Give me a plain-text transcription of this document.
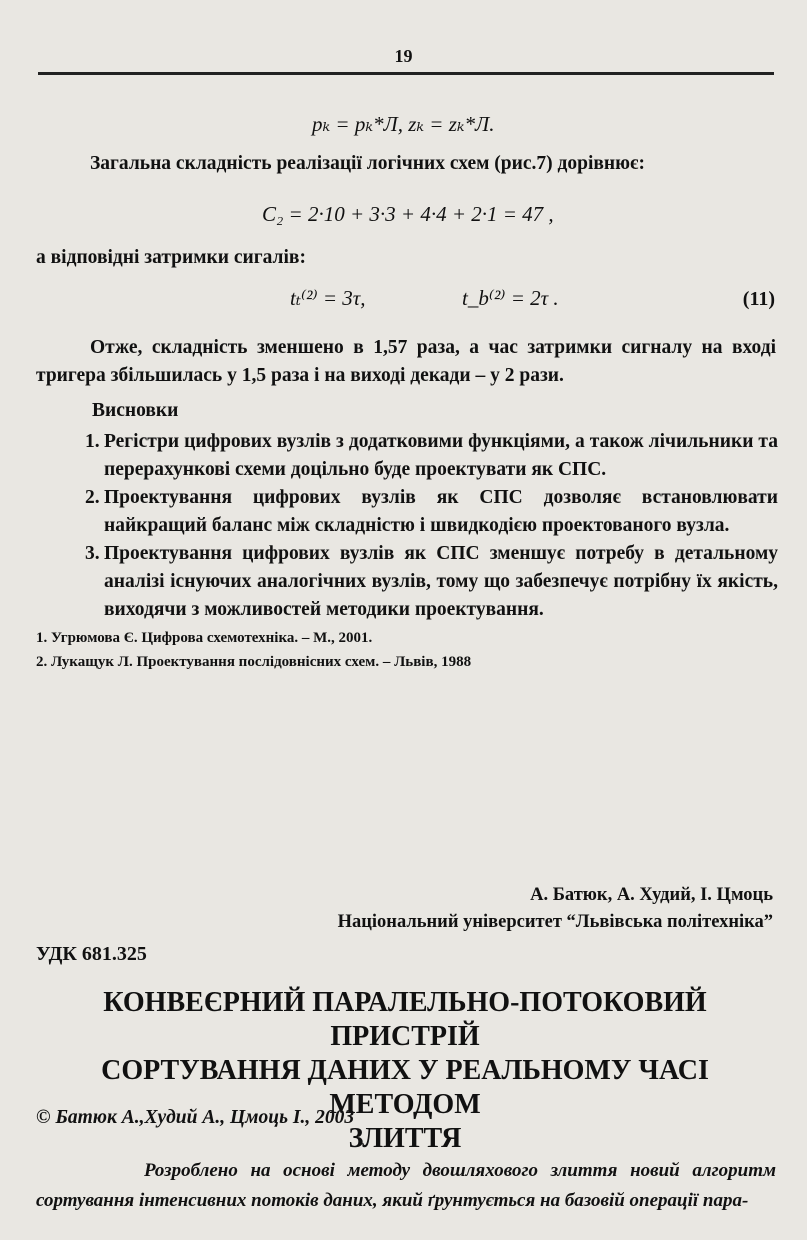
19
pₖ = pₖ*Л, zₖ = zₖ*Л.
Загальна складність реалізації логічних схем (рис.7) дорівнює:
C₂ = 2·10 + 3·3 + 4·4 + 2·1 = 47 ,
а відповідні затримки сигалів:
tₜ⁽²⁾ = 3τ,	t_b⁽²⁾ = 2τ .	(11)
Отже, складність зменшено в 1,57 раза, а час затримки сигналу на вході тригера збільшилась у 1,5 раза і на виході декади – у 2 рази.
Висновки

1. Регістри цифрових вузлів з додатковими функціями, а також лічильники та перерахункові схеми доцільно буде проектувати як СПС.

2. Проектування цифрових вузлів як СПС дозволяє встановлювати найкращий баланс між складністю і швидкодією проектованого вузла.

3. Проектування цифрових вузлів як СПС зменшує потребу в детальному аналізі існуючих аналогічних вузлів, тому що забезпечує потрібну їх якість, виходячи з можливостей методики проектування.

1. Угрюмова Є. Цифрова схемотехніка. – М., 2001.
2. Лукащук Л. Проектування послідовнісних схем. – Львів, 1988
А. Батюк, А. Худий, І. Цмоць
Національний університет “Львівська політехніка”
УДК 681.325
КОНВЕЄРНИЙ ПАРАЛЕЛЬНО-ПОТОКОВИЙ ПРИСТРІЙ
СОРТУВАННЯ ДАНИХ У РЕАЛЬНОМУ ЧАСІ МЕТОДОМ
ЗЛИТТЯ
© Батюк А.,Худий А., Цмоць І., 2003
Розроблено на основі методу двошляхового злиття новий алгоритм сортування інтенсивних потоків даних, який ґрунтується на базовій операції пара-
